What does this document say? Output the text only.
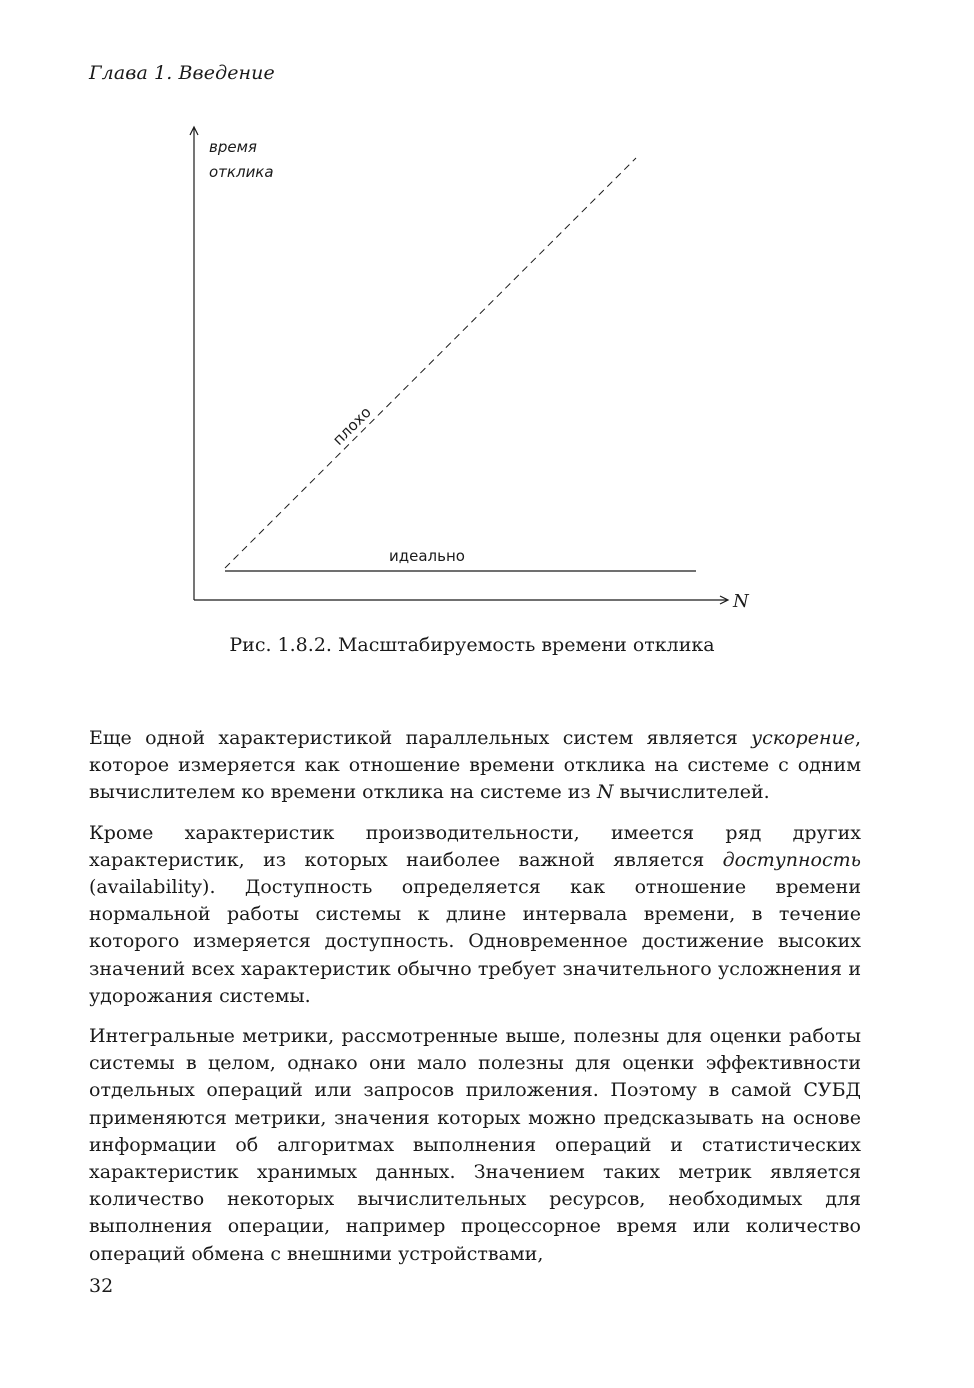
Глава 1. Введение
время
отклика
N
плохо
идеально
Рис. 1.8.2. Масштабируемость времени отклика

Еще одной характеристикой параллельных систем является ускорение, которое измеряется как отношение времени отклика на системе с одним вычислителем ко времени отклика на системе из N вычислителей.

Кроме характеристик производительности, имеется ряд других характеристик, из которых наиболее важной является доступность (availability). Доступность определяется как отношение времени нормальной работы системы к длине интервала времени, в течение которого измеряется доступность. Одновременное достижение высоких значений всех характеристик обычно требует значительного усложнения и удорожания системы.

Интегральные метрики, рассмотренные выше, полезны для оценки работы системы в целом, однако они мало полезны для оценки эффективности отдельных операций или запросов приложения. Поэтому в самой СУБД применяются метрики, значения которых можно предсказывать на основе информации об алгоритмах выполнения операций и статистических характеристик хранимых данных. Значением таких метрик является количество некоторых вычислительных ресурсов, необходимых для выполнения операции, например процессорное время или количество операций обмена с внешними устройствами,

32
